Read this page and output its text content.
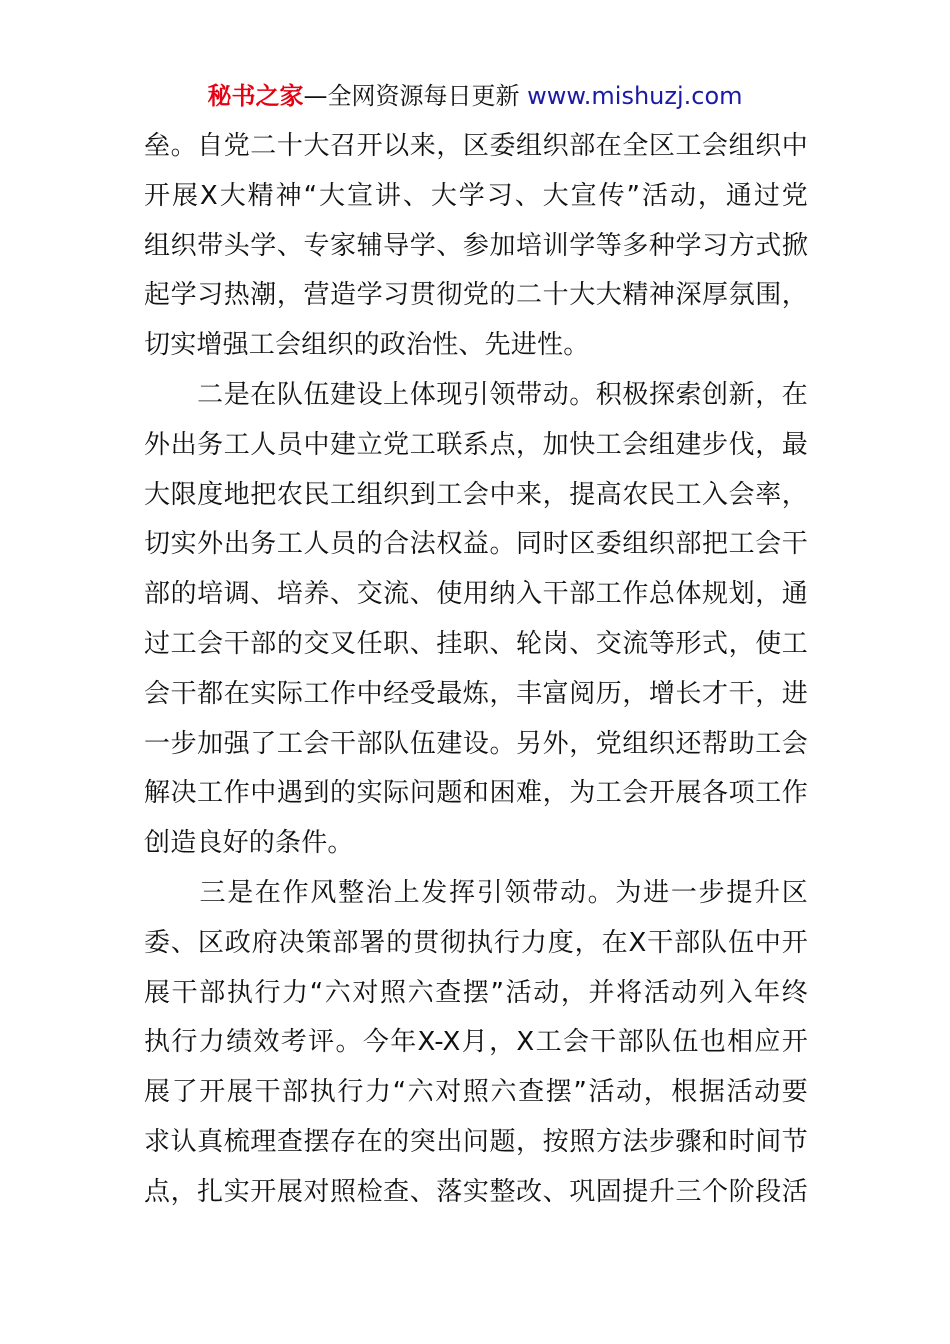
秘书之家—全网资源每日更新 www.mishuzj.com
垒。自党二十大召开以来，区委组织部在全区工会组织中
开展X大精神“大宣讲、大学习、大宣传”活动，通过党
组织带头学、专家辅导学、参加培训学等多种学习方式掀
起学习热潮，营造学习贯彻党的二十大大精神深厚氛围，
切实增强工会组织的政治性、先进性。
　　二是在队伍建设上体现引领带动。积极探索创新，在
外出务工人员中建立党工联系点，加快工会组建步伐，最
大限度地把农民工组织到工会中来，提高农民工入会率，
切实外出务工人员的合法权益。同时区委组织部把工会干
部的培调、培养、交流、使用纳入干部工作总体规划，通
过工会干部的交叉任职、挂职、轮岗、交流等形式，使工
会干都在实际工作中经受最炼，丰富阅历，增长才干，进
一步加强了工会干部队伍建设。另外，党组织还帮助工会
解决工作中遇到的实际问题和困难，为工会开展各项工作
创造良好的条件。
　　三是在作风整治上发挥引领带动。为进一步提升区
委、区政府决策部署的贯彻执行力度，在X干部队伍中开
展干部执行力“六对照六查摆”活动，并将活动列入年终
执行力绩效考评。今年X-X月，X工会干部队伍也相应开
展了开展干部执行力“六对照六查摆”活动，根据活动要
求认真梳理查摆存在的突出问题，按照方法步骤和时间节
点，扎实开展对照检查、落实整改、巩固提升三个阶段活
